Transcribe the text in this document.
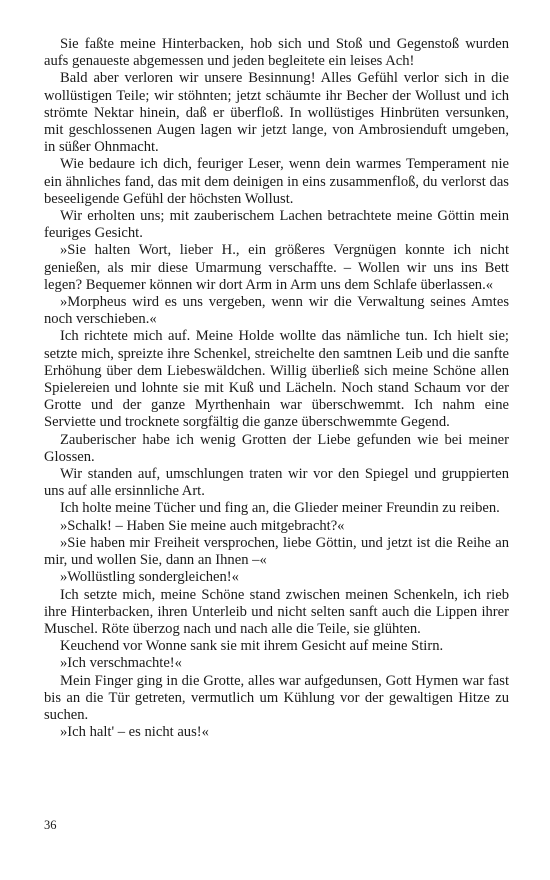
Sie faßte meine Hinterbacken, hob sich und Stoß und Gegenstoß wurden aufs genaueste abgemessen und jeden begleitete ein leises Ach!

Bald aber verloren wir unsere Besinnung! Alles Gefühl verlor sich in die wollüstigen Teile; wir stöhnten; jetzt schäumte ihr Becher der Wollust und ich strömte Nektar hinein, daß er überfloß. In wollüstiges Hinbrüten versunken, mit geschlossenen Augen lagen wir jetzt lange, von Ambrosienduft umgeben, in süßer Ohnmacht.

Wie bedaure ich dich, feuriger Leser, wenn dein warmes Temperament nie ein ähnliches fand, das mit dem deinigen in eins zusammenfloß, du verlorst das beseeligende Gefühl der höchsten Wollust.

Wir erholten uns; mit zauberischem Lachen betrachtete meine Göttin mein feuriges Gesicht.

»Sie halten Wort, lieber H., ein größeres Vergnügen konnte ich nicht genießen, als mir diese Umarmung verschaffte. – Wollen wir uns ins Bett legen? Bequemer können wir dort Arm in Arm uns dem Schlafe überlassen.«

»Morpheus wird es uns vergeben, wenn wir die Verwaltung seines Amtes noch verschieben.«

Ich richtete mich auf. Meine Holde wollte das nämliche tun. Ich hielt sie; setzte mich, spreizte ihre Schenkel, streichelte den samtnen Leib und die sanfte Erhöhung über dem Liebeswäldchen. Willig überließ sich meine Schöne allen Spielereien und lohnte sie mit Kuß und Lächeln. Noch stand Schaum vor der Grotte und der ganze Myrthenhain war überschwemmt. Ich nahm eine Serviette und trocknete sorgfältig die ganze überschwemmte Gegend.

Zauberischer habe ich wenig Grotten der Liebe gefunden wie bei meiner Glossen.

Wir standen auf, umschlungen traten wir vor den Spiegel und gruppierten uns auf alle ersinnliche Art.

Ich holte meine Tücher und fing an, die Glieder meiner Freundin zu reiben.

»Schalk! – Haben Sie meine auch mitgebracht?«

»Sie haben mir Freiheit versprochen, liebe Göttin, und jetzt ist die Reihe an mir, und wollen Sie, dann an Ihnen –«

»Wollüstling sondergleichen!«

Ich setzte mich, meine Schöne stand zwischen meinen Schenkeln, ich rieb ihre Hinterbacken, ihren Unterleib und nicht selten sanft auch die Lippen ihrer Muschel. Röte überzog nach und nach alle die Teile, sie glühten.

Keuchend vor Wonne sank sie mit ihrem Gesicht auf meine Stirn.

»Ich verschmachte!«

Mein Finger ging in die Grotte, alles war aufgedunsen, Gott Hymen war fast bis an die Tür getreten, vermutlich um Kühlung vor der gewaltigen Hitze zu suchen.

»Ich halt' – es nicht aus!«

36
